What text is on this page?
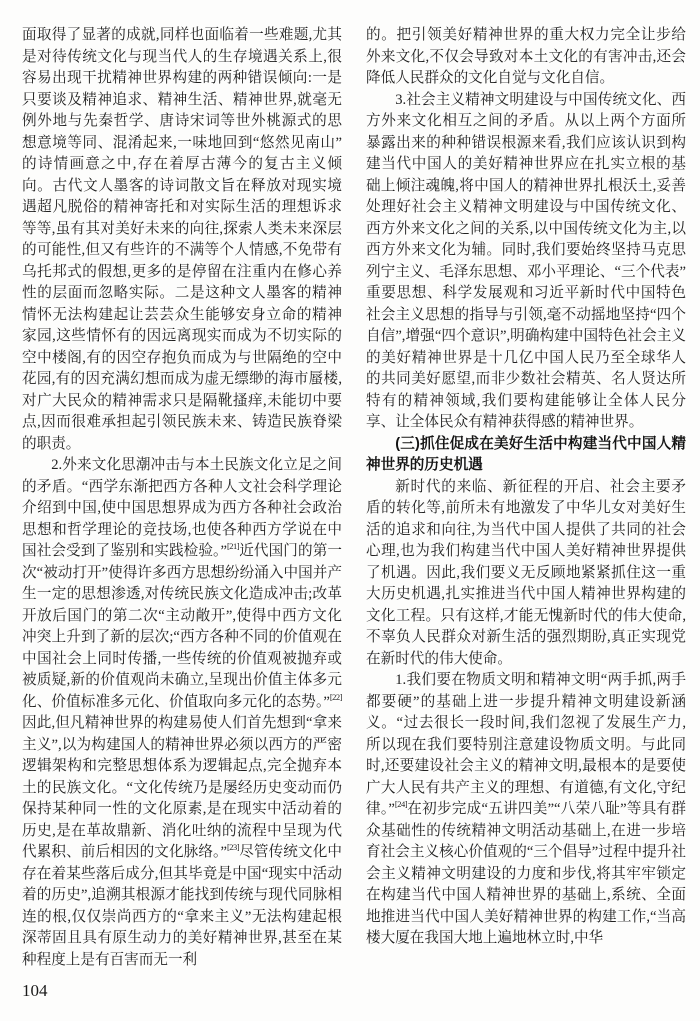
面取得了显著的成就,同样也面临着一些难题,尤其是对待传统文化与现当代人的生存境遇关系上,很容易出现干扰精神世界构建的两种错误倾向:一是只要谈及精神追求、精神生活、精神世界,就毫无例外地与先秦哲学、唐诗宋词等世外桃源式的思想意境等同、混淆起来,一味地回到“悠然见南山”的诗情画意之中,存在着厚古薄今的复古主义倾向。古代文人墨客的诗词散文旨在释放对现实境遇超凡脱俗的精神寄托和对实际生活的理想诉求等等,虽有其对美好未来的向往,探索人类未来深层的可能性,但又有些许的不满等个人情感,不免带有乌托邦式的假想,更多的是停留在注重内在修心养性的层面而忽略实际。二是这种文人墨客的精神情怀无法构建起让芸芸众生能够安身立命的精神家园,这些情怀有的因远离现实而成为不切实际的空中楼阁,有的因空存抱负而成为与世隔绝的空中花园,有的因充满幻想而成为虚无缥缈的海市蜃楼,对广大民众的精神需求只是隔靴搔痒,未能切中要点,因而很难承担起引领民族未来、铸造民族脊梁的职责。

2.外来文化思潮冲击与本土民族文化立足之间的矛盾。“西学东渐把西方各种人文社会科学理论介绍到中国,使中国思想界成为西方各种社会政治思想和哲学理论的竞技场,也使各种西方学说在中国社会受到了鉴别和实践检验。”[21]近代国门的第一次“被动打开”使得许多西方思想纷纷涌入中国并产生一定的思想渗透,对传统民族文化造成冲击;改革开放后国门的第二次“主动敞开”,使得中西方文化冲突上升到了新的层次;“西方各种不同的价值观在中国社会上同时传播,一些传统的价值观被抛弃或被质疑,新的价值观尚未确立,呈现出价值主体多元化、价值标准多元化、价值取向多元化的态势。”[22]因此,但凡精神世界的构建易使人们首先想到“拿来主义”,以为构建国人的精神世界必须以西方的严密逻辑架构和完整思想体系为逻辑起点,完全抛弃本土的民族文化。“文化传统乃是屡经历史变动而仍保持某种同一性的文化原素,是在现实中活动着的历史,是在革故鼎新、消化吐纳的流程中呈现为代代累积、前后相因的文化脉络。”[23]尽管传统文化中存在着某些落后成分,但其毕竟是中国“现实中活动着的历史”,追溯其根源才能找到传统与现代同脉相连的根,仅仅崇尚西方的“拿来主义”无法构建起根深蒂固且具有原生动力的美好精神世界,甚至在某种程度上是有百害而无一利

的。把引领美好精神世界的重大权力完全让步给外来文化,不仅会导致对本土文化的有害冲击,还会降低人民群众的文化自觉与文化自信。

3.社会主义精神文明建设与中国传统文化、西方外来文化相互之间的矛盾。从以上两个方面所暴露出来的种种错误根源来看,我们应该认识到构建当代中国人的美好精神世界应在扎实立根的基础上倾注魂魄,将中国人的精神世界扎根沃土,妥善处理好社会主义精神文明建设与中国传统文化、西方外来文化之间的关系,以中国传统文化为主,以西方外来文化为辅。同时,我们要始终坚持马克思列宁主义、毛泽东思想、邓小平理论、“三个代表”重要思想、科学发展观和习近平新时代中国特色社会主义思想的指导与引领,毫不动摇地坚持“四个自信”,增强“四个意识”,明确构建中国特色社会主义的美好精神世界是十几亿中国人民乃至全球华人的共同美好愿望,而非少数社会精英、名人贤达所特有的精神领域,我们要构建能够让全体人民分享、让全体民众有精神获得感的精神世界。

(三)抓住促成在美好生活中构建当代中国人精神世界的历史机遇

新时代的来临、新征程的开启、社会主要矛盾的转化等,前所未有地激发了中华儿女对美好生活的追求和向往,为当代中国人提供了共同的社会心理,也为我们构建当代中国人美好精神世界提供了机遇。因此,我们要义无反顾地紧紧抓住这一重大历史机遇,扎实推进当代中国人精神世界构建的文化工程。只有这样,才能无愧新时代的伟大使命,不辜负人民群众对新生活的强烈期盼,真正实现党在新时代的伟大使命。

1.我们要在物质文明和精神文明“两手抓,两手都要硬”的基础上进一步提升精神文明建设新涵义。“过去很长一段时间,我们忽视了发展生产力,所以现在我们要特别注意建设物质文明。与此同时,还要建设社会主义的精神文明,最根本的是要使广大人民有共产主义的理想、有道德,有文化,守纪律。”[24]在初步完成“五讲四美”“八荣八耻”等具有群众基础性的传统精神文明活动基础上,在进一步培育社会主义核心价值观的“三个倡导”过程中提升社会主义精神文明建设的力度和步伐,将其牢牢锁定在构建当代中国人精神世界的基础上,系统、全面地推进当代中国人美好精神世界的构建工作,“当高楼大厦在我国大地上遍地林立时,中华

104
